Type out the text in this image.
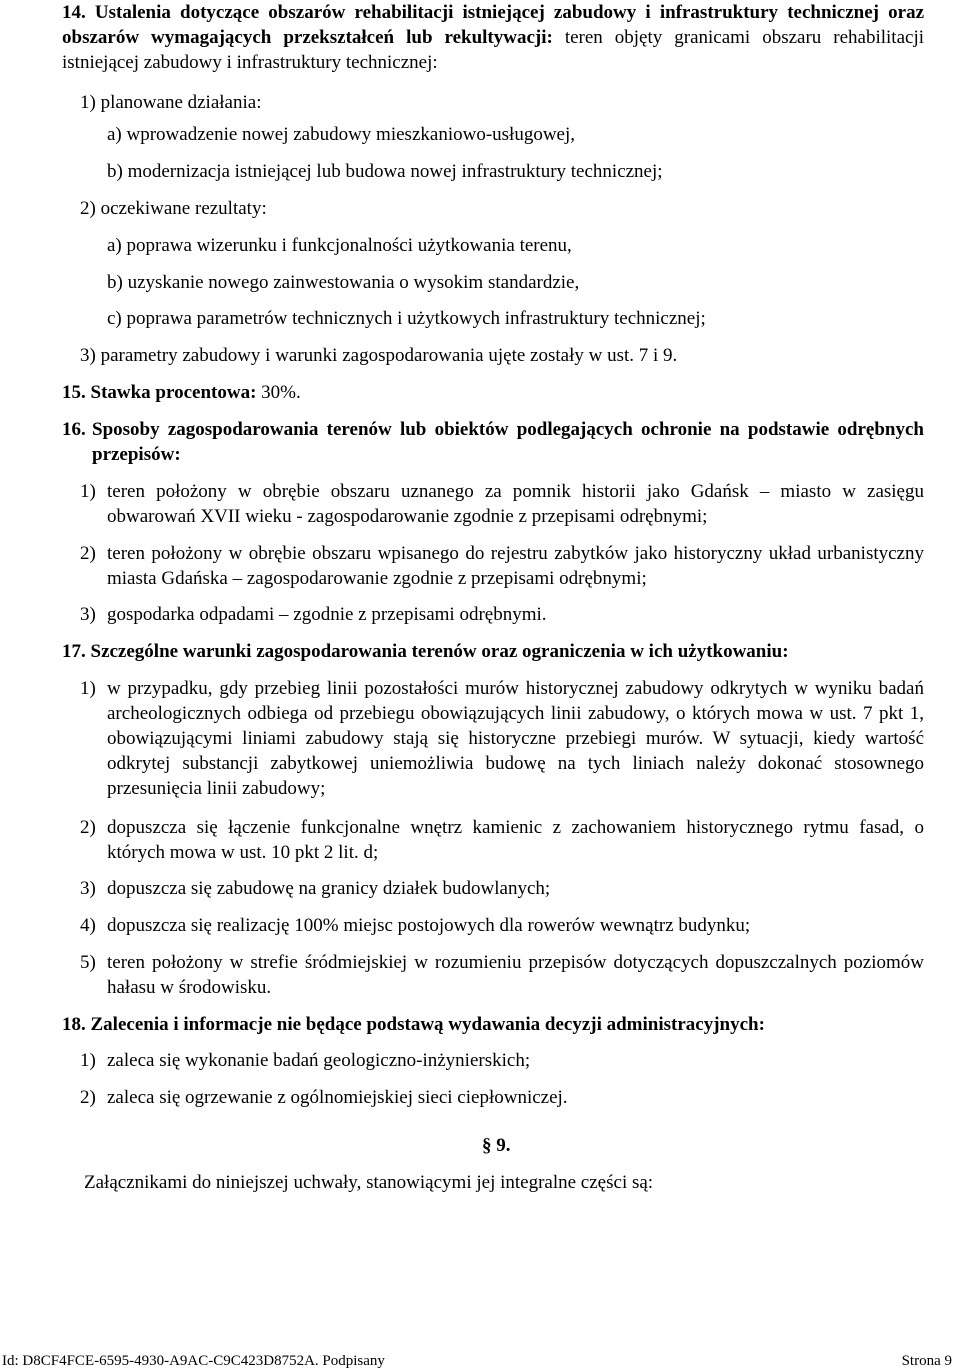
14. Ustalenia dotyczące obszarów rehabilitacji istniejącej zabudowy i infrastruktury technicznej oraz obszarów wymagających przekształceń lub rekultywacji: teren objęty granicami obszaru rehabilitacji istniejącej zabudowy i infrastruktury technicznej:
1) planowane działania:
a) wprowadzenie nowej zabudowy mieszkaniowo-usługowej,
b) modernizacja istniejącej lub budowa nowej infrastruktury technicznej;
2) oczekiwane rezultaty:
a) poprawa wizerunku i funkcjonalności użytkowania terenu,
b) uzyskanie nowego zainwestowania o wysokim standardzie,
c) poprawa parametrów technicznych i użytkowych infrastruktury technicznej;
3) parametry zabudowy i warunki zagospodarowania ujęte zostały w ust. 7 i 9.
15. Stawka procentowa: 30%.
16. Sposoby zagospodarowania terenów lub obiektów podlegających ochronie na podstawie odrębnych przepisów:
1) teren położony w obrębie obszaru uznanego za pomnik historii jako Gdańsk – miasto w zasięgu obwarowań XVII wieku - zagospodarowanie zgodnie z przepisami odrębnymi;
2) teren położony w obrębie obszaru wpisanego do rejestru zabytków jako historyczny układ urbanistyczny miasta Gdańska – zagospodarowanie zgodnie z przepisami odrębnymi;
3) gospodarka odpadami – zgodnie z przepisami odrębnymi.
17. Szczególne warunki zagospodarowania terenów oraz ograniczenia w ich użytkowaniu:
1) w przypadku, gdy przebieg linii pozostałości murów historycznej zabudowy odkrytych w wyniku badań archeologicznych odbiega od przebiegu obowiązujących linii zabudowy, o których mowa w ust. 7 pkt 1, obowiązującymi liniami zabudowy stają się historyczne przebiegi murów. W sytuacji, kiedy wartość odkrytej substancji zabytkowej uniemożliwia budowę na tych liniach należy dokonać stosownego przesunięcia linii zabudowy;
2) dopuszcza się łączenie funkcjonalne wnętrz kamienic z zachowaniem historycznego rytmu fasad, o których mowa w ust. 10 pkt 2 lit. d;
3) dopuszcza się zabudowę na granicy działek budowlanych;
4) dopuszcza się realizację 100% miejsc postojowych dla rowerów wewnątrz budynku;
5) teren położony w strefie śródmiejskiej w rozumieniu przepisów dotyczących dopuszczalnych poziomów hałasu w środowisku.
18. Zalecenia i informacje nie będące podstawą wydawania decyzji administracyjnych:
1) zaleca się wykonanie badań geologiczno-inżynierskich;
2) zaleca się ogrzewanie z ogólnomiejskiej sieci ciepłowniczej.
§ 9.
Załącznikami do niniejszej uchwały, stanowiącymi jej integralne części są:
Id: D8CF4FCE-6595-4930-A9AC-C9C423D8752A. Podpisany	Strona 9
